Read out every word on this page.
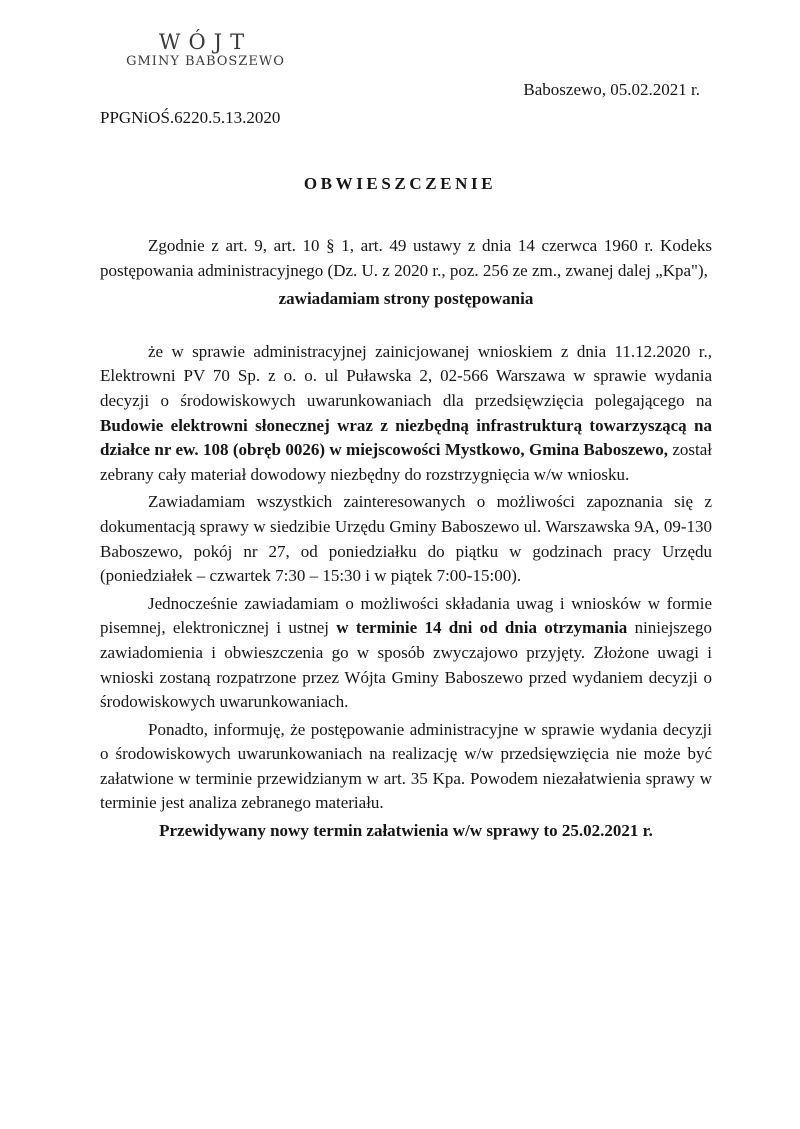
WÓJT
GMINY BABOSZEWO
Baboszewo, 05.02.2021 r.
PPGNiOŚ.6220.5.13.2020
OBWIESZCZENIE

Zgodnie z art. 9, art. 10 § 1, art. 49 ustawy z dnia 14 czerwca 1960 r. Kodeks postępowania administracyjnego (Dz. U. z 2020 r., poz. 256 ze zm., zwanej dalej „Kpa"),

zawiadamiam strony postępowania

że w sprawie administracyjnej zainicjowanej wnioskiem z dnia 11.12.2020 r., Elektrowni PV 70 Sp. z o. o. ul Puławska 2, 02-566 Warszawa w sprawie wydania decyzji o środowiskowych uwarunkowaniach dla przedsięwzięcia polegającego na Budowie elektrowni słonecznej wraz z niezbędną infrastrukturą towarzyszącą na działce nr ew. 108 (obręb 0026) w miejscowości Mystkowo, Gmina Baboszewo, został zebrany cały materiał dowodowy niezbędny do rozstrzygnięcia w/w wniosku.

Zawiadamiam wszystkich zainteresowanych o możliwości zapoznania się z dokumentacją sprawy w siedzibie Urzędu Gminy Baboszewo ul. Warszawska 9A, 09-130 Baboszewo, pokój nr 27, od poniedziałku do piątku w godzinach pracy Urzędu (poniedziałek – czwartek 7:30 – 15:30 i w piątek 7:00-15:00).

Jednocześnie zawiadamiam o możliwości składania uwag i wniosków w formie pisemnej, elektronicznej i ustnej w terminie 14 dni od dnia otrzymania niniejszego zawiadomienia i obwieszczenia go w sposób zwyczajowo przyjęty. Złożone uwagi i wnioski zostaną rozpatrzone przez Wójta Gminy Baboszewo przed wydaniem decyzji o środowiskowych uwarunkowaniach.

Ponadto, informuję, że postępowanie administracyjne w sprawie wydania decyzji o środowiskowych uwarunkowaniach na realizację w/w przedsięwzięcia nie może być załatwione w terminie przewidzianym w art. 35 Kpa. Powodem niezałatwienia sprawy w terminie jest analiza zebranego materiału.

Przewidywany nowy termin załatwienia w/w sprawy to 25.02.2021 r.
